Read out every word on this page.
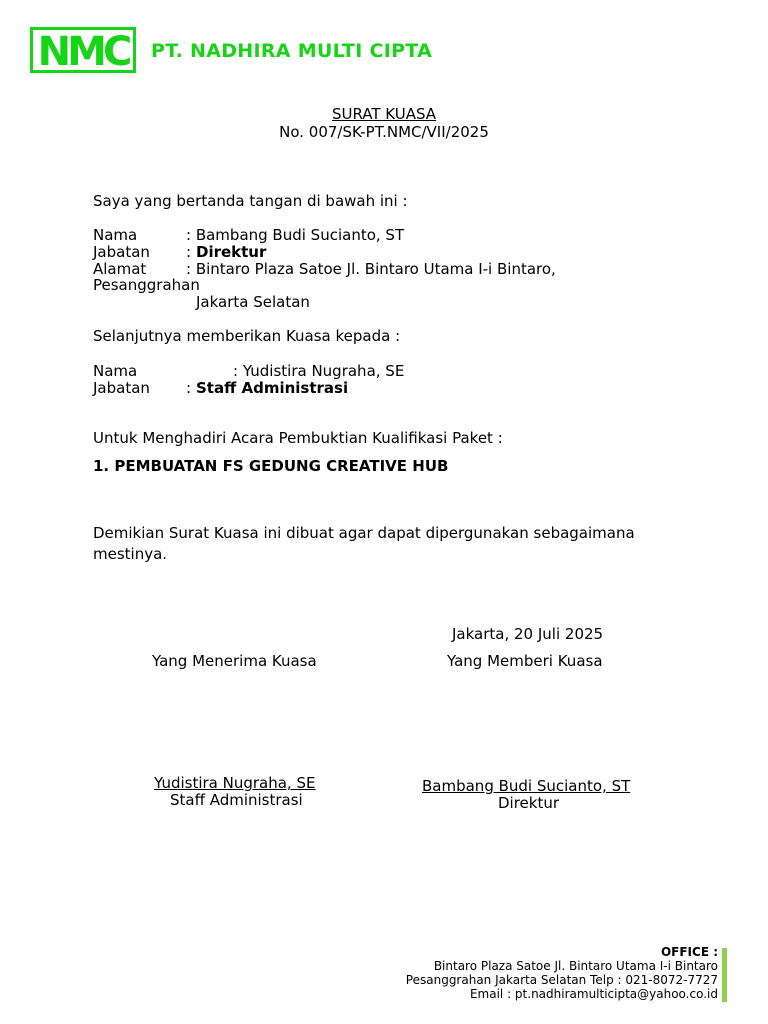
NMC PT. NADHIRA MULTI CIPTA
SURAT KUASA
No. 007/SK-PT.NMC/VII/2025
Saya yang bertanda tangan di bawah ini :
Nama	: Bambang Budi Sucianto, ST
Jabatan : Direktur
Alamat	: Bintaro Plaza Satoe Jl. Bintaro Utama I-i Bintaro,
Pesanggrahan
Jakarta Selatan
Selanjutnya memberikan Kuasa kepada :
Nama	: Yudistira Nugraha, SE
Jabatan : Staff Administrasi
Untuk Menghadiri Acara Pembuktian Kualifikasi Paket :
1. PEMBUATAN FS GEDUNG CREATIVE HUB
Demikian Surat Kuasa ini dibuat agar dapat dipergunakan sebagaimana
mestinya.
Jakarta, 20 Juli 2025
Yang Menerima Kuasa	Yang Memberi Kuasa
Yudistira Nugraha, SE
Staff Administrasi
Bambang Budi Sucianto, ST
Direktur
OFFICE :
Bintaro Plaza Satoe Jl. Bintaro Utama I-i Bintaro
Pesanggrahan Jakarta Selatan Telp : 021-8072-7727
Email : pt.nadhiramulticipta@yahoo.co.id
